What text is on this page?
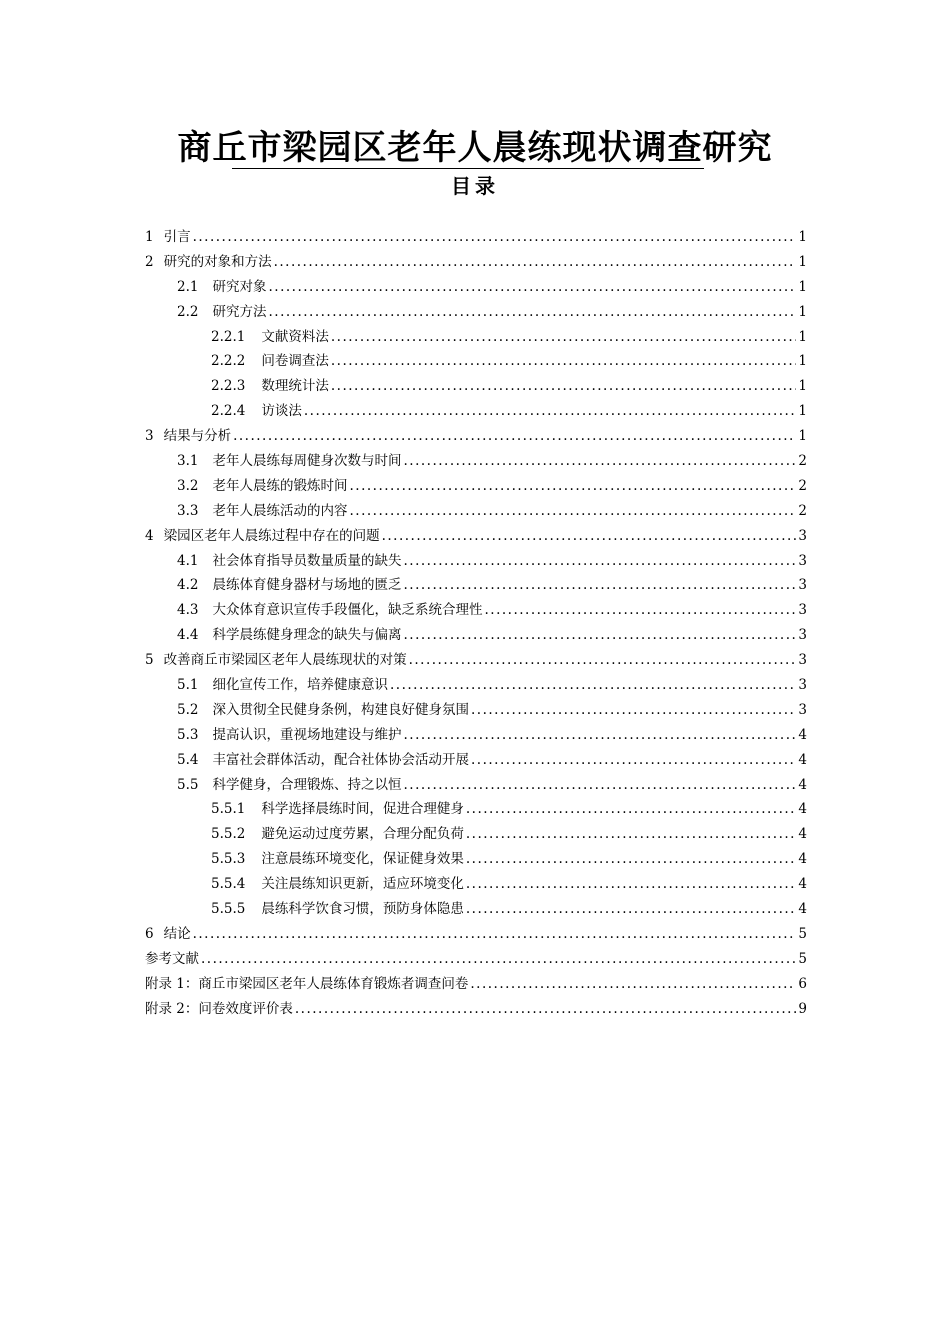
商丘市梁园区老年人晨练现状调查研究
目录
1 引言 .....	1
2 研究的对象和方法 .....	1
2.1 研究对象 .....	1
2.2 研究方法 .....	1
2.2.1 文献资料法 .....	1
2.2.2 问卷调查法 .....	1
2.2.3 数理统计法 .....	1
2.2.4 访谈法 .....	1
3 结果与分析 .....	1
3.1 老年人晨练每周健身次数与时间 .....	2
3.2 老年人晨练的锻炼时间 .....	2
3.3 老年人晨练活动的内容 .....	2
4 梁园区老年人晨练过程中存在的问题 .....	3
4.1 社会体育指导员数量质量的缺失 .....	3
4.2 晨练体育健身器材与场地的匮乏 .....	3
4.3 大众体育意识宣传手段僵化，缺乏系统合理性 .....	3
4.4 科学晨练健身理念的缺失与偏离 .....	3
5 改善商丘市梁园区老年人晨练现状的对策 .....	3
5.1 细化宣传工作，培养健康意识 .....	3
5.2 深入贯彻全民健身条例，构建良好健身氛围 .....	3
5.3 提高认识，重视场地建设与维护 .....	4
5.4 丰富社会群体活动，配合社体协会活动开展 .....	4
5.5 科学健身，合理锻炼、持之以恒 .....	4
5.5.1 科学选择晨练时间，促进合理健身 .....	4
5.5.2 避免运动过度劳累，合理分配负荷 .....	4
5.5.3 注意晨练环境变化，保证健身效果 .....	4
5.5.4 关注晨练知识更新，适应环境变化 .....	4
5.5.5 晨练科学饮食习惯，预防身体隐患 .....	4
6 结论 .....	5
参考文献 .....	5
附录 1：商丘市梁园区老年人晨练体育锻炼者调查问卷 .....	6
附录 2：问卷效度评价表 .....	9
